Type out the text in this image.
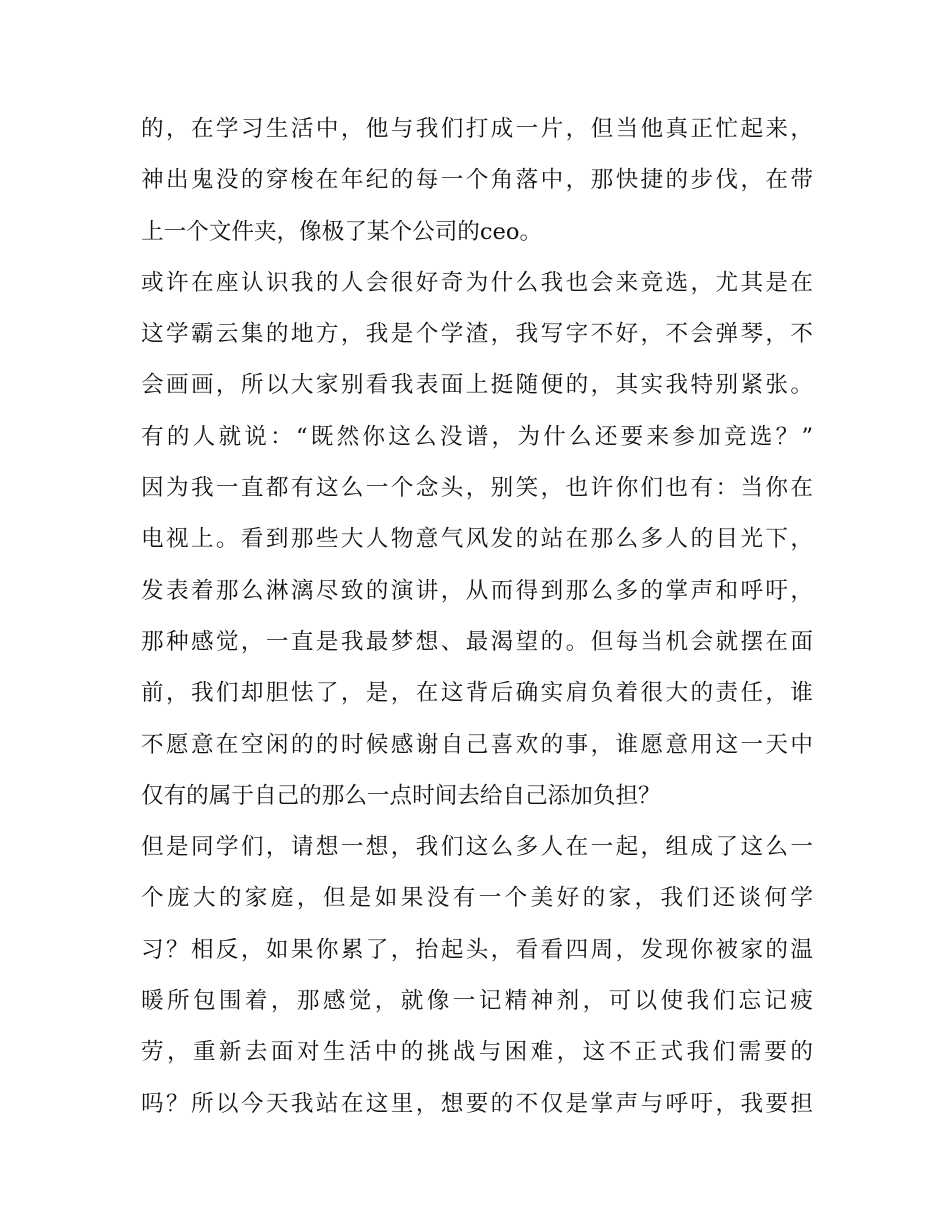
的，在学习生活中，他与我们打成一片，但当他真正忙起来，
神出鬼没的穿梭在年纪的每一个角落中，那快捷的步伐，在带
上一个文件夹，像极了某个公司的ceo。
或许在座认识我的人会很好奇为什么我也会来竞选，尤其是在
这学霸云集的地方，我是个学渣，我写字不好，不会弹琴，不
会画画，所以大家别看我表面上挺随便的，其实我特别紧张。
有的人就说：“既然你这么没谱，为什么还要来参加竞选？”
因为我一直都有这么一个念头，别笑，也许你们也有：当你在
电视上。看到那些大人物意气风发的站在那么多人的目光下，
发表着那么淋漓尽致的演讲，从而得到那么多的掌声和呼吁，
那种感觉，一直是我最梦想、最渴望的。但每当机会就摆在面
前，我们却胆怯了，是，在这背后确实肩负着很大的责任，谁
不愿意在空闲的的时候感谢自己喜欢的事，谁愿意用这一天中
仅有的属于自己的那么一点时间去给自己添加负担？
但是同学们，请想一想，我们这么多人在一起，组成了这么一
个庞大的家庭，但是如果没有一个美好的家，我们还谈何学
习？相反，如果你累了，抬起头，看看四周，发现你被家的温
暖所包围着，那感觉，就像一记精神剂，可以使我们忘记疲
劳，重新去面对生活中的挑战与困难，这不正式我们需要的
吗？所以今天我站在这里，想要的不仅是掌声与呼吁，我要担
